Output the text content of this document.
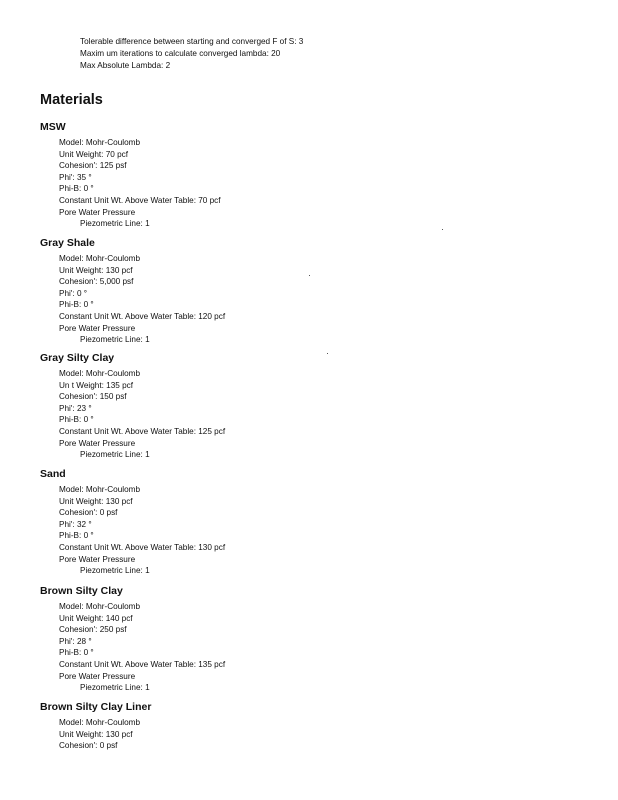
Tolerable difference between starting and converged F of S: 3
Maxim um iterations to calculate converged lambda: 20
Max Absolute Lambda: 2
Materials
MSW
Model: Mohr-Coulomb
Unit Weight: 70 pcf
Cohesion': 125 psf
Phi': 35 °
Phi-B: 0 °
Constant Unit Wt. Above Water Table: 70 pcf
Pore Water Pressure
Piezometric Line: 1
Gray Shale
Model: Mohr-Coulomb
Unit Weight: 130 pcf
Cohesion': 5,000 psf
Phi': 0 °
Phi-B: 0 °
Constant Unit Wt. Above Water Table: 120 pcf
Pore Water Pressure
Piezometric Line: 1
Gray Silty Clay
Model: Mohr-Coulomb
Un t Weight: 135 pcf
Cohesion': 150 psf
Phi': 23 °
Phi-B: 0 °
Constant Unit Wt. Above Water Table: 125 pcf
Pore Water Pressure
Piezometric Line: 1
Sand
Model: Mohr-Coulomb
Unit Weight: 130 pcf
Cohesion': 0 psf
Phi': 32 °
Phi-B: 0 °
Constant Unit Wt. Above Water Table: 130 pcf
Pore Water Pressure
Piezometric Line: 1
Brown Silty Clay
Model: Mohr-Coulomb
Unit Weight: 140 pcf
Cohesion': 250 psf
Phi': 28 °
Phi-B: 0 °
Constant Unit Wt. Above Water Table: 135 pcf
Pore Water Pressure
Piezometric Line: 1
Brown Silty Clay Liner
Model: Mohr-Coulomb
Unit Weight: 130 pcf
Cohesion': 0 psf
